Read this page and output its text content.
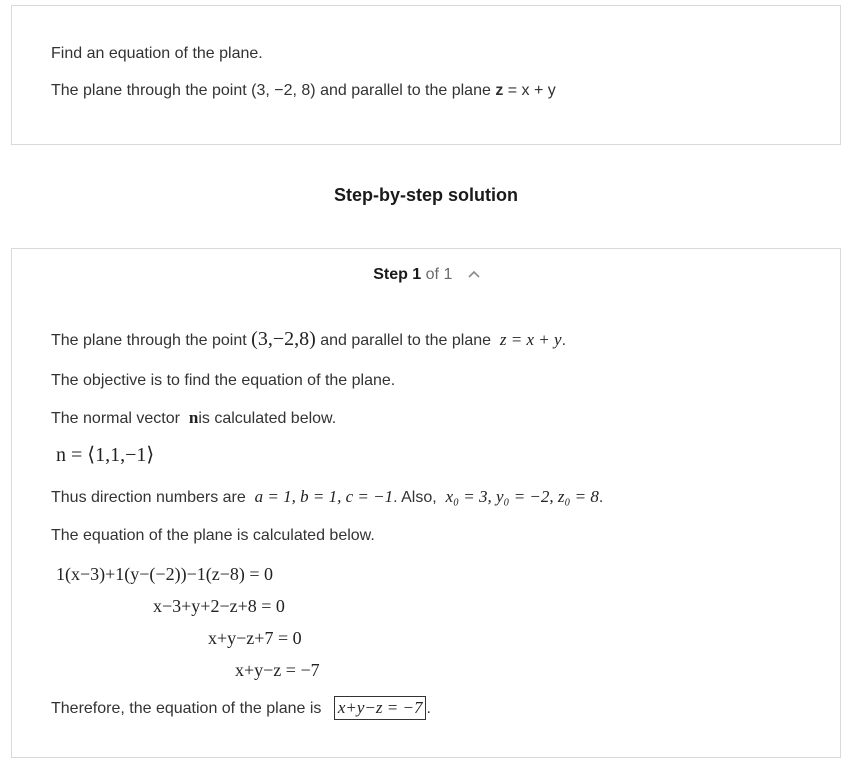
Find an equation of the plane.
The plane through the point (3, −2, 8) and parallel to the plane z = x + y
Step-by-step solution
Step 1 of 1
The plane through the point (3,−2,8) and parallel to the plane  z = x + y.
The objective is to find the equation of the plane.
The normal vector  nis calculated below.
n = ⟨1,1,−1⟩
Thus direction numbers are  a = 1, b = 1, c = −1. Also,  x₀ = 3, y₀ = −2, z₀ = 8.
The equation of the plane is calculated below.
1(x−3)+1(y−(−2))−1(z−8) = 0
x−3+y+2−z+8 = 0
x+y−z+7 = 0
x+y−z = −7
Therefore, the equation of the plane is x+y−z = −7 .
